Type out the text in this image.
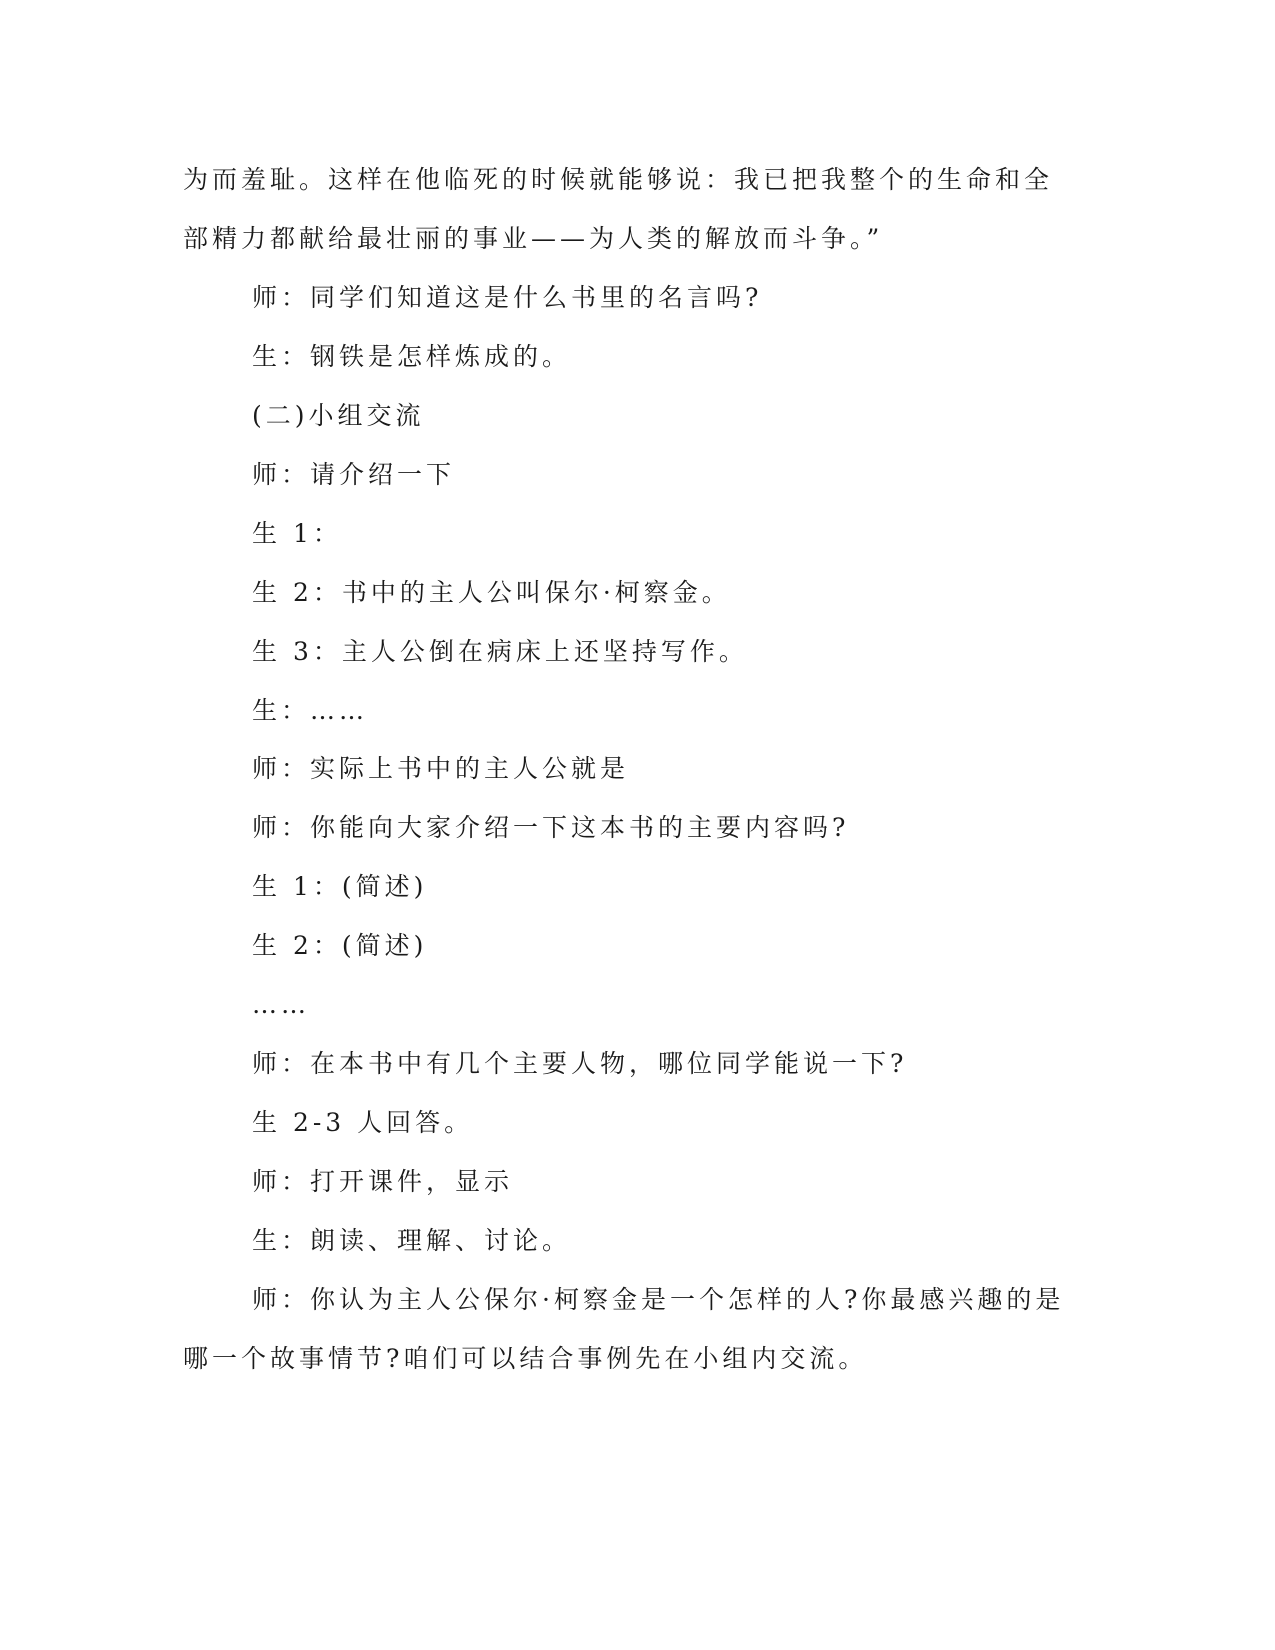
为而羞耻。这样在他临死的时候就能够说：我已把我整个的生命和全
部精力都献给最壮丽的事业——为人类的解放而斗争。”
师：同学们知道这是什么书里的名言吗?
生：钢铁是怎样炼成的。
(二)小组交流
师：请介绍一下
生 1：
生 2：书中的主人公叫保尔·柯察金。
生 3：主人公倒在病床上还坚持写作。
生：……
师：实际上书中的主人公就是
师：你能向大家介绍一下这本书的主要内容吗?
生 1：(简述)
生 2：(简述)
……
师：在本书中有几个主要人物，哪位同学能说一下?
生 2-3 人回答。
师：打开课件，显示
生：朗读、理解、讨论。
师：你认为主人公保尔·柯察金是一个怎样的人?你最感兴趣的是
哪一个故事情节?咱们可以结合事例先在小组内交流。
